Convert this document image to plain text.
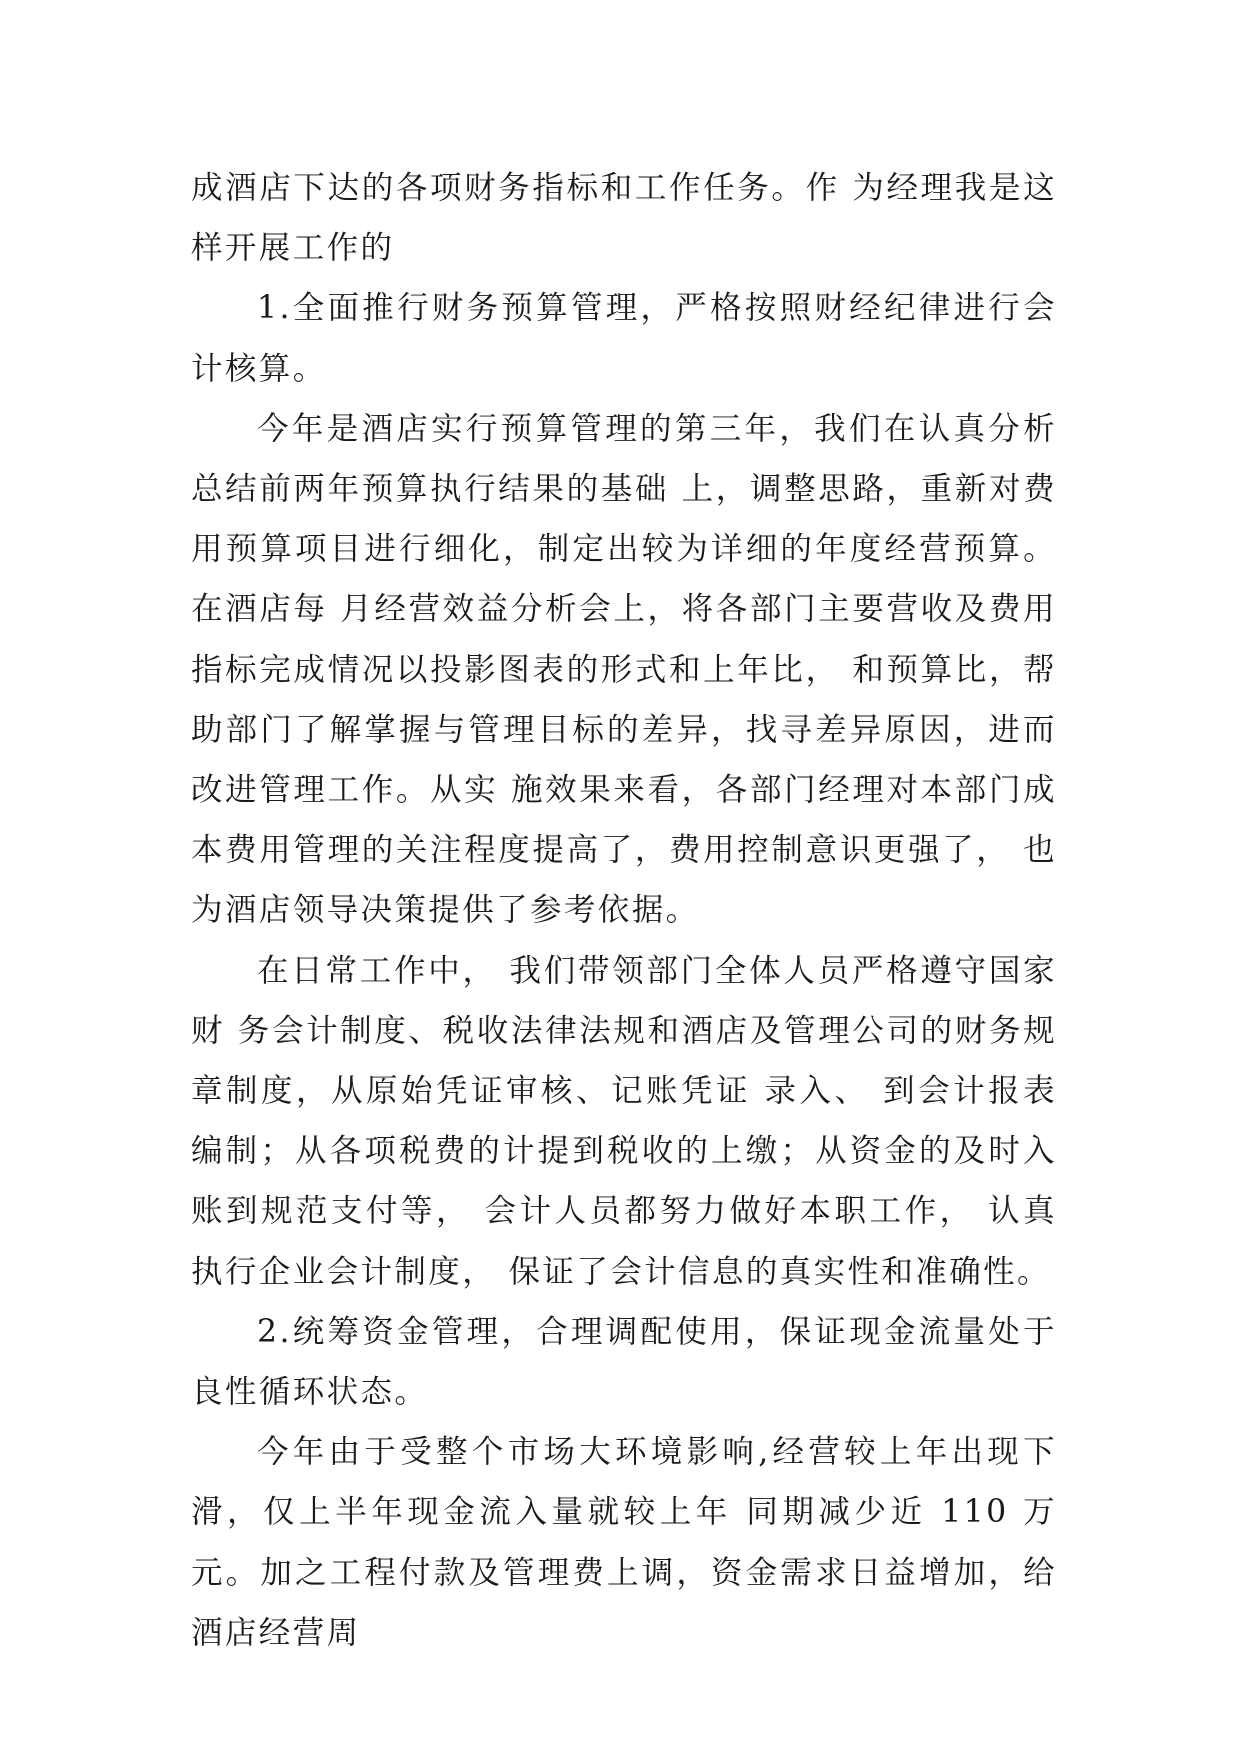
成酒店下达的各项财务指标和工作任务。作 为经理我是这样开展工作的

1.全面推行财务预算管理，严格按照财经纪律进行会计核算。

今年是酒店实行预算管理的第三年，我们在认真分析总结前两年预算执行结果的基础 上，调整思路，重新对费用预算项目进行细化，制定出较为详细的年度经营预算。在酒店每 月经营效益分析会上，将各部门主要营收及费用指标完成情况以投影图表的形式和上年比， 和预算比，帮助部门了解掌握与管理目标的差异，找寻差异原因，进而改进管理工作。从实 施效果来看，各部门经理对本部门成本费用管理的关注程度提高了，费用控制意识更强了， 也为酒店领导决策提供了参考依据。

在日常工作中， 我们带领部门全体人员严格遵守国家财 务会计制度、税收法律法规和酒店及管理公司的财务规章制度，从原始凭证审核、记账凭证 录入、 到会计报表编制；从各项税费的计提到税收的上缴；从资金的及时入账到规范支付等， 会计人员都努力做好本职工作， 认真执行企业会计制度， 保证了会计信息的真实性和准确性。

2.统筹资金管理，合理调配使用，保证现金流量处于良性循环状态。

今年由于受整个市场大环境影响,经营较上年出现下滑，仅上半年现金流入量就较上年 同期减少近 110 万元。加之工程付款及管理费上调，资金需求日益增加，给酒店经营周
